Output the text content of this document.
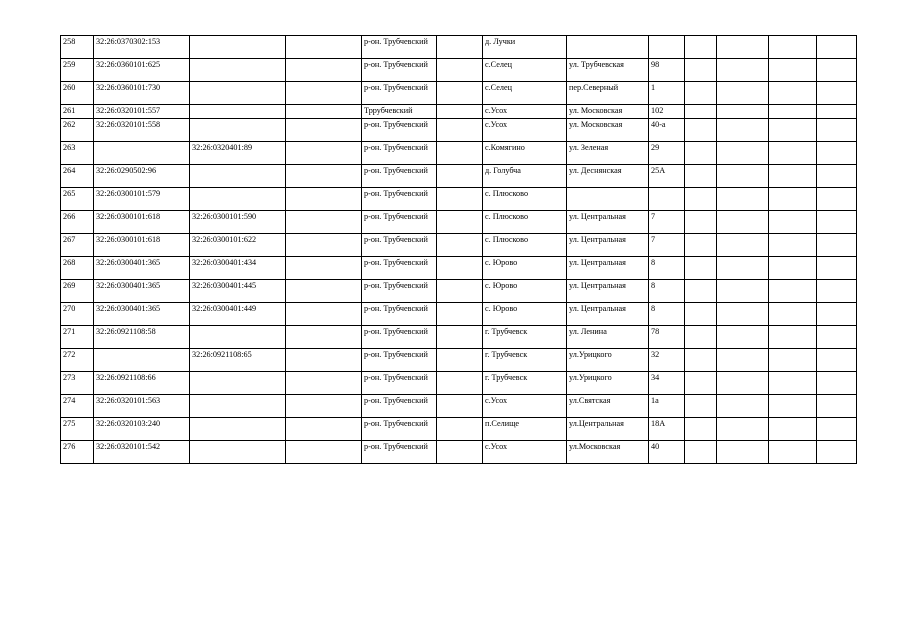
258	32:26:0370302:153			р-он. Трубчевский		д. Лучки						
259	32:26:0360101:625			р-он. Трубчевский		с.Селец	ул. Трубчевская	98				
260	32:26:0360101:730			р-он. Трубчевский		с.Селец	пер.Северный	1				
261	32:26:0320101:557			Тррубчевский		с.Усох	ул. Московская	102				
262	32:26:0320101:558			р-он. Трубчевский		с.Усох	ул. Московская	40-а				
263		32:26:0320401:89		р-он. Трубчевский		с.Комягино	ул. Зеленая	29				
264	32:26:0290502:96			р-он. Трубчевский		д. Голубча	ул. Деснянская	25А				
265	32:26:0300101:579			р-он. Трубчевский		с. Плюсково						
266	32:26:0300101:618	32:26:0300101:590		р-он. Трубчевский		с. Плюсково	ул. Центральная	7				
267	32:26:0300101:618	32:26:0300101:622		р-он. Трубчевский		с. Плюсково	ул. Центральная	7				
268	32:26:0300401:365	32:26:0300401:434		р-он. Трубчевский		с. Юрово	ул. Центральная	8				
269	32:26:0300401:365	32:26:0300401:445		р-он. Трубчевский		с. Юрово	ул. Центральная	8				
270	32:26:0300401:365	32:26:0300401:449		р-он. Трубчевский		с. Юрово	ул. Центральная	8				
271	32:26:0921108:58			р-он. Трубчевский		г. Трубчевск	ул. Ленина	78				
272		32:26:0921108:65		р-он. Трубчевский		г. Трубчевск	ул.Урицкого	32				
273	32:26:0921108:66			р-он. Трубчевский		г. Трубчевск	ул.Урицкого	34				
274	32:26:0320101:563			р-он. Трубчевский		с.Усох	ул.Святская	1а				
275	32:26:0320103:240			р-он. Трубчевский		п.Селище	ул.Центральная	18А				
276	32:26:0320101:542			р-он. Трубчевский		с.Усох	ул.Московская	40				
